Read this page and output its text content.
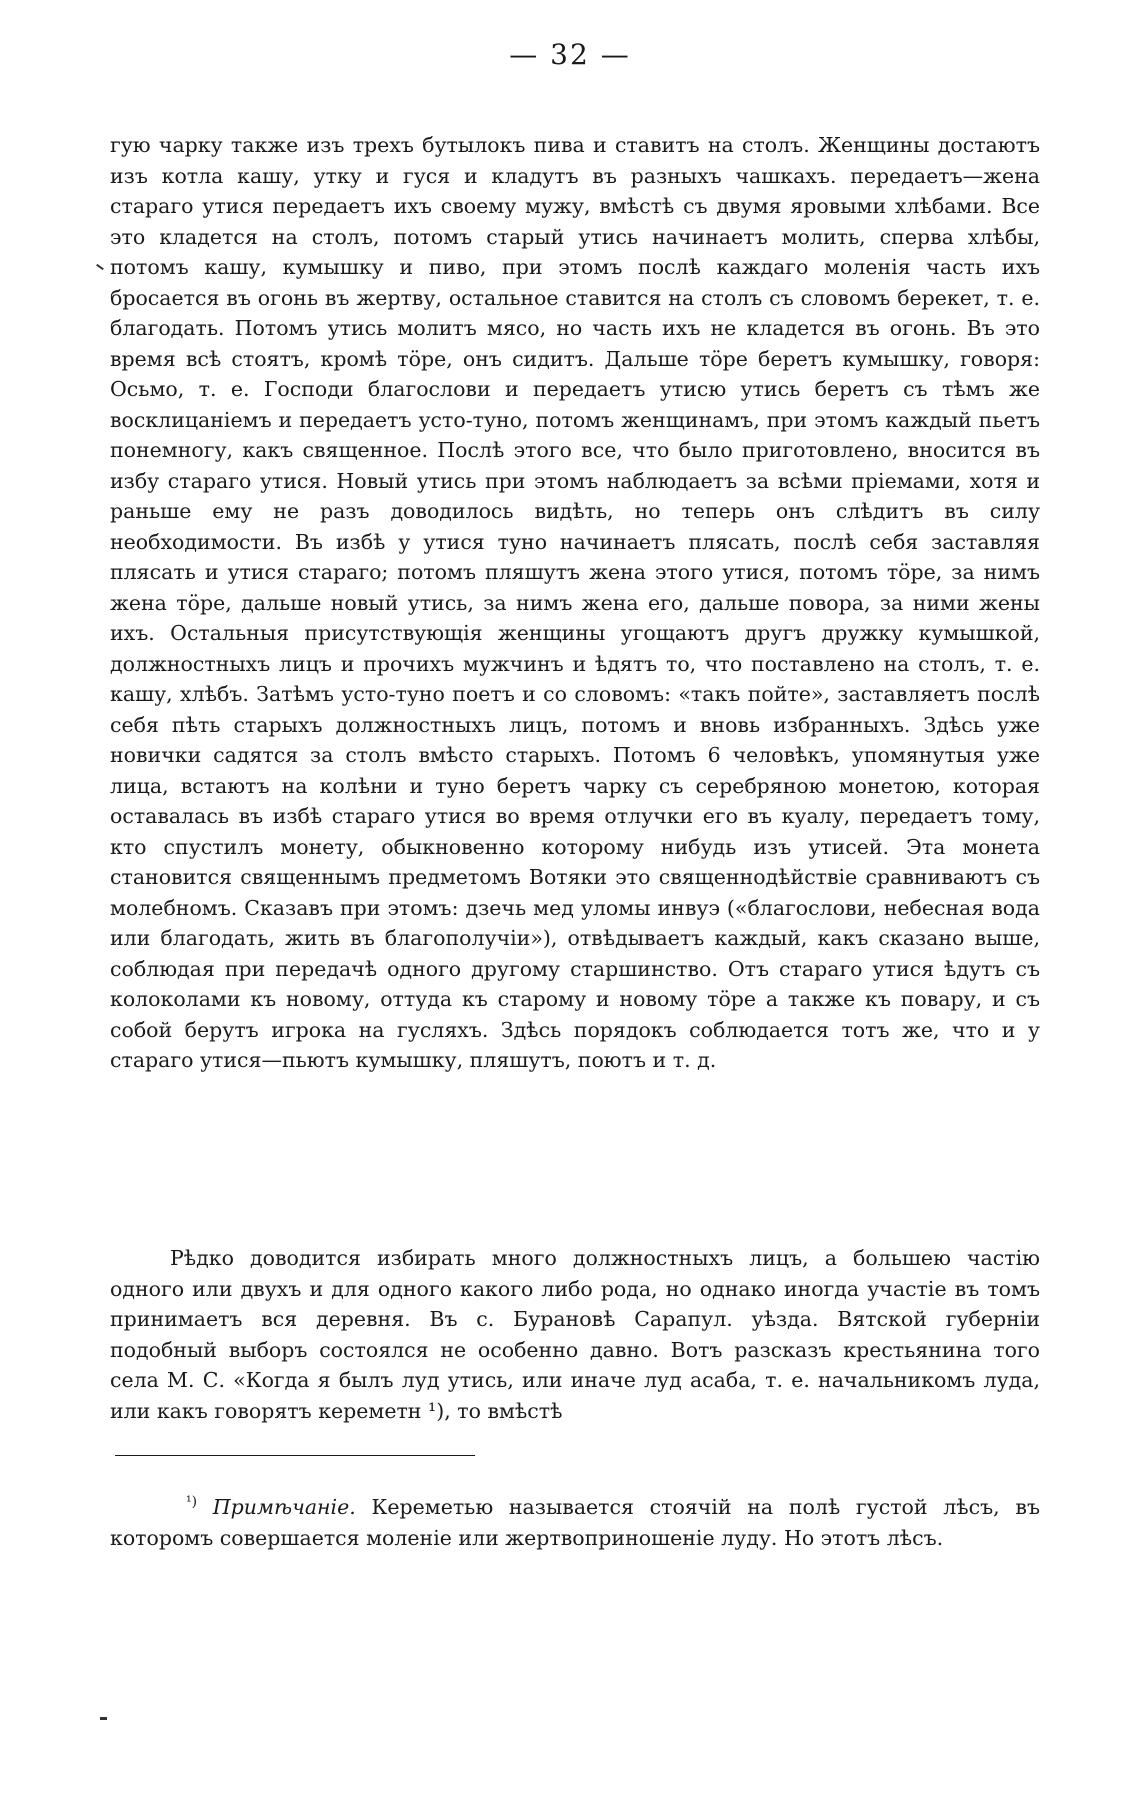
— 32 —
гую чарку также изъ трехъ бутылокъ пива и ставитъ на столъ. Женщины достаютъ изъ котла кашу, утку и гуся и кладутъ въ разныхъ чашкахъ. передаетъ—жена стараго утися передаетъ ихъ своему мужу, вмѣстѣ съ двумя яровыми хлѣбами. Все это кладется на столъ, потомъ старый утись начинаетъ молить, сперва хлѣбы, потомъ кашу, кумышку и пиво, при этомъ послѣ каждаго моленія часть ихъ бросается въ огонь въ жертву, остальное ставится на столъ съ словомъ берекет, т. е. благодать. Потомъ утись молитъ мясо, но часть ихъ не кладется въ огонь. Въ это время всѣ стоятъ, кромѣ тӧре, онъ сидитъ. Дальше тӧре беретъ кумышку, говоря: Осьмо, т. е. Господи благослови и передаетъ утисю утись беретъ съ тѣмъ же восклицаніемъ и передаетъ усто-туно, потомъ женщинамъ, при этомъ каждый пьетъ понемногу, какъ священное. Послѣ этого все, что было приготовлено, вносится въ избу стараго утися. Новый утись при этомъ наблюдаетъ за всѣми пріемами, хотя и раньше ему не разъ доводилось видѣть, но теперь онъ слѣдитъ въ силу необходимости. Въ избѣ у утися туно начинаетъ плясать, послѣ себя заставляя плясать и утися стараго; потомъ пляшутъ жена этого утися, потомъ тӧре, за нимъ жена тӧре, дальше новый утись, за нимъ жена его, дальше повора, за ними жены ихъ. Остальныя присутствующія женщины угощаютъ другъ дружку кумышкой, должностныхъ лицъ и прочихъ мужчинъ и ѣдятъ то, что поставлено на столъ, т. е. кашу, хлѣбъ. Затѣмъ усто-туно поетъ и со словомъ: «такъ пойте», заставляетъ послѣ себя пѣть старыхъ должностныхъ лицъ, потомъ и вновь избранныхъ. Здѣсь уже новички садятся за столъ вмѣсто старыхъ. Потомъ 6 человѣкъ, упомянутыя уже лица, встаютъ на колѣни и туно беретъ чарку съ серебряною монетою, которая оставалась въ избѣ стараго утися во время отлучки его въ куалу, передаетъ тому, кто спустилъ монету, обыкновенно которому нибудь изъ утисей. Эта монета становится священнымъ предметомъ Вотяки это священнодѣйствіе сравниваютъ съ молебномъ. Сказавъ при этомъ: дзечь мед уломы инвуэ («благослови, небесная вода или благодать, жить въ благополучіи»), отвѣдываетъ каждый, какъ сказано выше, соблюдая при передачѣ одного другому старшинство. Отъ стараго утися ѣдутъ съ колоколами къ новому, оттуда къ старому и новому тӧре а также къ повару, и съ собой берутъ игрока на гусляхъ. Здѣсь порядокъ соблюдается тотъ же, что и у стараго утися—пьютъ кумышку, пляшутъ, поютъ и т. д.
Рѣдко доводится избирать много должностныхъ лицъ, а большею частію одного или двухъ и для одного какого либо рода, но однако иногда участіе въ томъ принимаетъ вся деревня. Въ с. Бурановѣ Сарапул. уѣзда. Вятской губерніи подобный выборъ состоялся не особенно давно. Вотъ разсказъ крестьянина того села М. С. «Когда я былъ луд утись, или иначе луд асаба, т. е. начальникомъ луда, или какъ говорятъ кереметн ¹), то вмѣстѣ
$^{^1)}$ Примѣчаніе. Кереметью называется стоячій на полѣ густой лѣсъ, въ которомъ совершается моленіе или жертвоприношеніе луду. Но этотъ лѣсъ.
